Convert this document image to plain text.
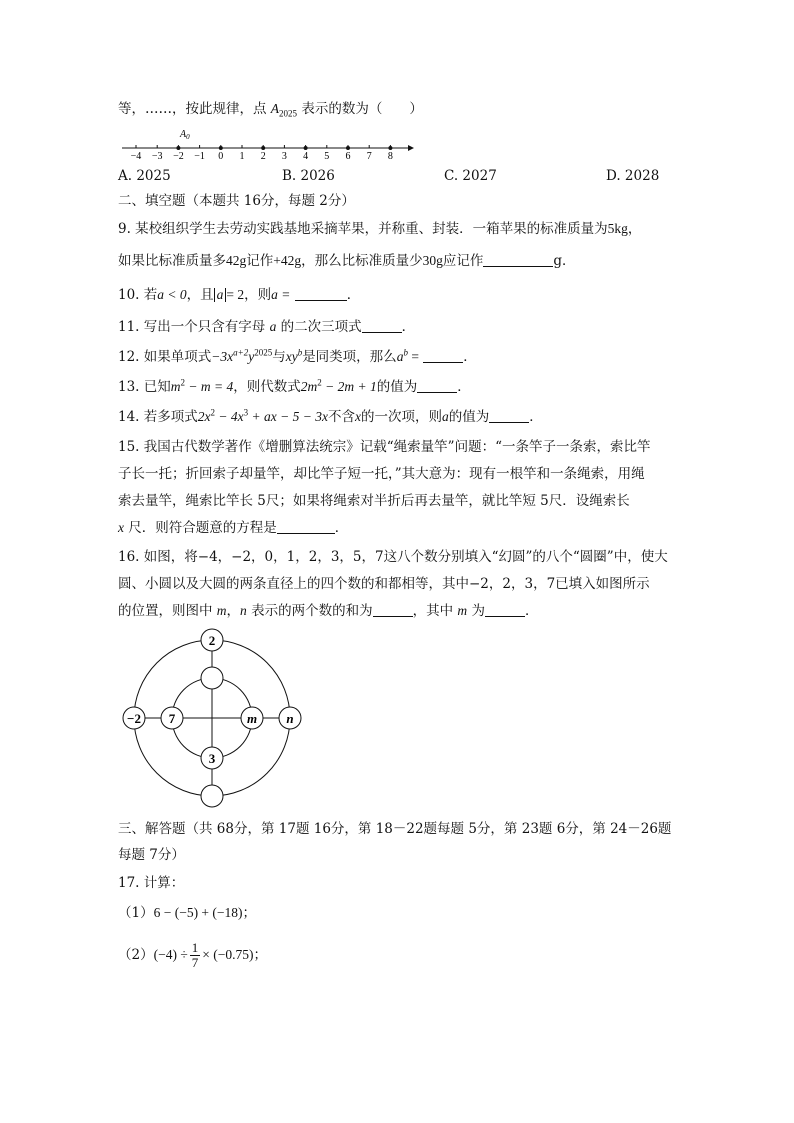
等，……，按此规律，点 $A_{2025}$ 表示的数为（　　）
−4 −3 −2 −1 0 1 2 3 4 5 6 7 8
$A_0$
A. 2025	B. 2026	C. 2027	D. 2028
二、填空题（本题共 16分，每题 2分）
9. 某校组织学生去劳动实践基地采摘苹果，并称重、封装．一箱苹果的标准质量为5kg，
如果比标准质量多42g记作+42g，那么比标准质量少30g应记作	g．
10. 若a < 0，且 a = 2，则a =	．
11. 写出一个只含有字母 a 的二次三项式	．
12. 如果单项式$-3x^{a+2}y^{2025}$与$xy^b$是同类项，那么$a^b$ =	．
13. 已知$m^2 - m = 4$，则代数式$2m^2 - 2m + 1$的值为	．
14. 若多项式$2x^2 - 4x^3$ + ax − 5 − 3x不含x的一次项，则a的值为	．
15. 我国古代数学著作《增删算法统宗》记载“绳索量竿”问题：“一条竿子一条索，索比竿
子长一托；折回索子却量竿，却比竿子短一托，”其大意为：现有一根竿和一条绳索，用绳
索去量竿，绳索比竿长 5尺；如果将绳索对半折后再去量竿，就比竿短 5尺．设绳索长
x 尺．则符合题意的方程是	．
16. 如图，将−4，−2，0，1，2，3，5，7这八个数分别填入“幻圆”的八个“圆圈”中，使大
圆、小圆以及大圆的两条直径上的四个数的和都相等，其中−2，2，3，7已填入如图所示
的位置，则图中 m，n 表示的两个数的和为	，其中 m 为	．
2
−2 7	m n
3
三、解答题（共 68分，第 17题 16分，第 18－22题每题 5分，第 23题 6分，第 24－26题
每题 7分）
17. 计算：
（1）6 − (−5) + (−18)；
$(2)(-4) \div \frac{1}{7} \times (-0.75)$；
